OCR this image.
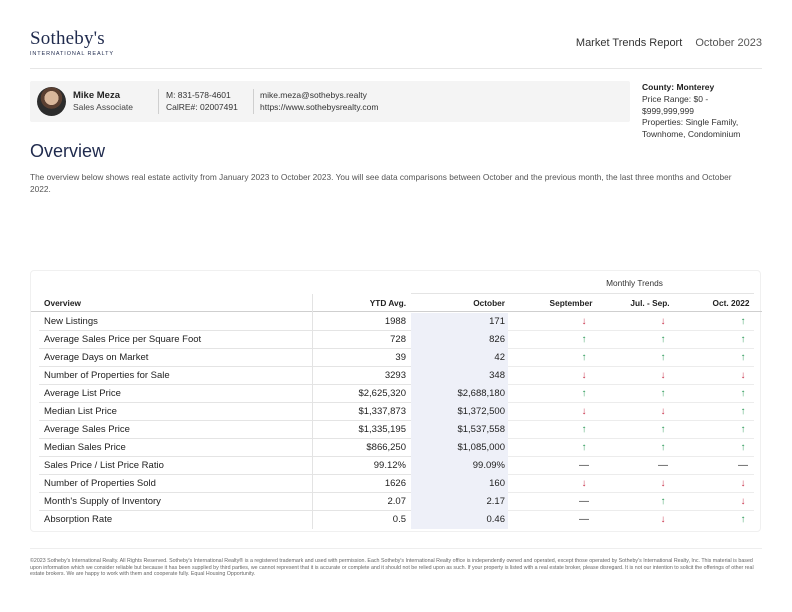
Sotheby's
INTERNATIONAL REALTY
Market Trends Report October 2023
Mike Meza
Sales Associate
M: 831-578-4601
CalRE#: 02007491
mike.meza@sothebys.realty
https://www.sothebysrealty.com
County: Monterey
Price Range: $0 -
$999,999,999
Properties: Single Family,
Townhome, Condominium
Overview
The overview below shows real estate activity from January 2023 to October 2023. You will see data comparisons between October and the previous month, the last three months and October 2022.
Monthly Trends
Overview	YTD Avg.	October	September	Jul. - Sep.	Oct. 2022
New Listings	1988	171	↓	↓	↑
Average Sales Price per Square Foot	728	826	↑	↑	↑
Average Days on Market	39	42	↑	↑	↑
Number of Properties for Sale	3293	348	↓	↓	↓
Average List Price	$2,625,320	$2,688,180	↑	↑	↑
Median List Price	$1,337,873	$1,372,500	↓	↓	↑
Average Sales Price	$1,335,195	$1,537,558	↑	↑	↑
Median Sales Price	$866,250	$1,085,000	↑	↑	↑
Sales Price / List Price Ratio	99.12%	99.09%	—	—	—
Number of Properties Sold	1626	160	↓	↓	↓
Month's Supply of Inventory	2.07	2.17	—	↑	↓
Absorption Rate	0.5	0.46	—	↓	↑
©2023 Sotheby's International Realty. All Rights Reserved. Sotheby's International Realty® is a registered trademark and used with permission. Each Sotheby's International Realty office is independently owned and operated, except those operated by Sotheby's International Realty, Inc. This material is based upon information which we consider reliable but because it has been supplied by third parties, we cannot represent that it is accurate or complete and it should not be relied upon as such. If your property is listed with a real estate broker, please disregard. It is not our intention to solicit the offerings of other real estate brokers. We are happy to work with them and cooperate fully. Equal Housing Opportunity.
